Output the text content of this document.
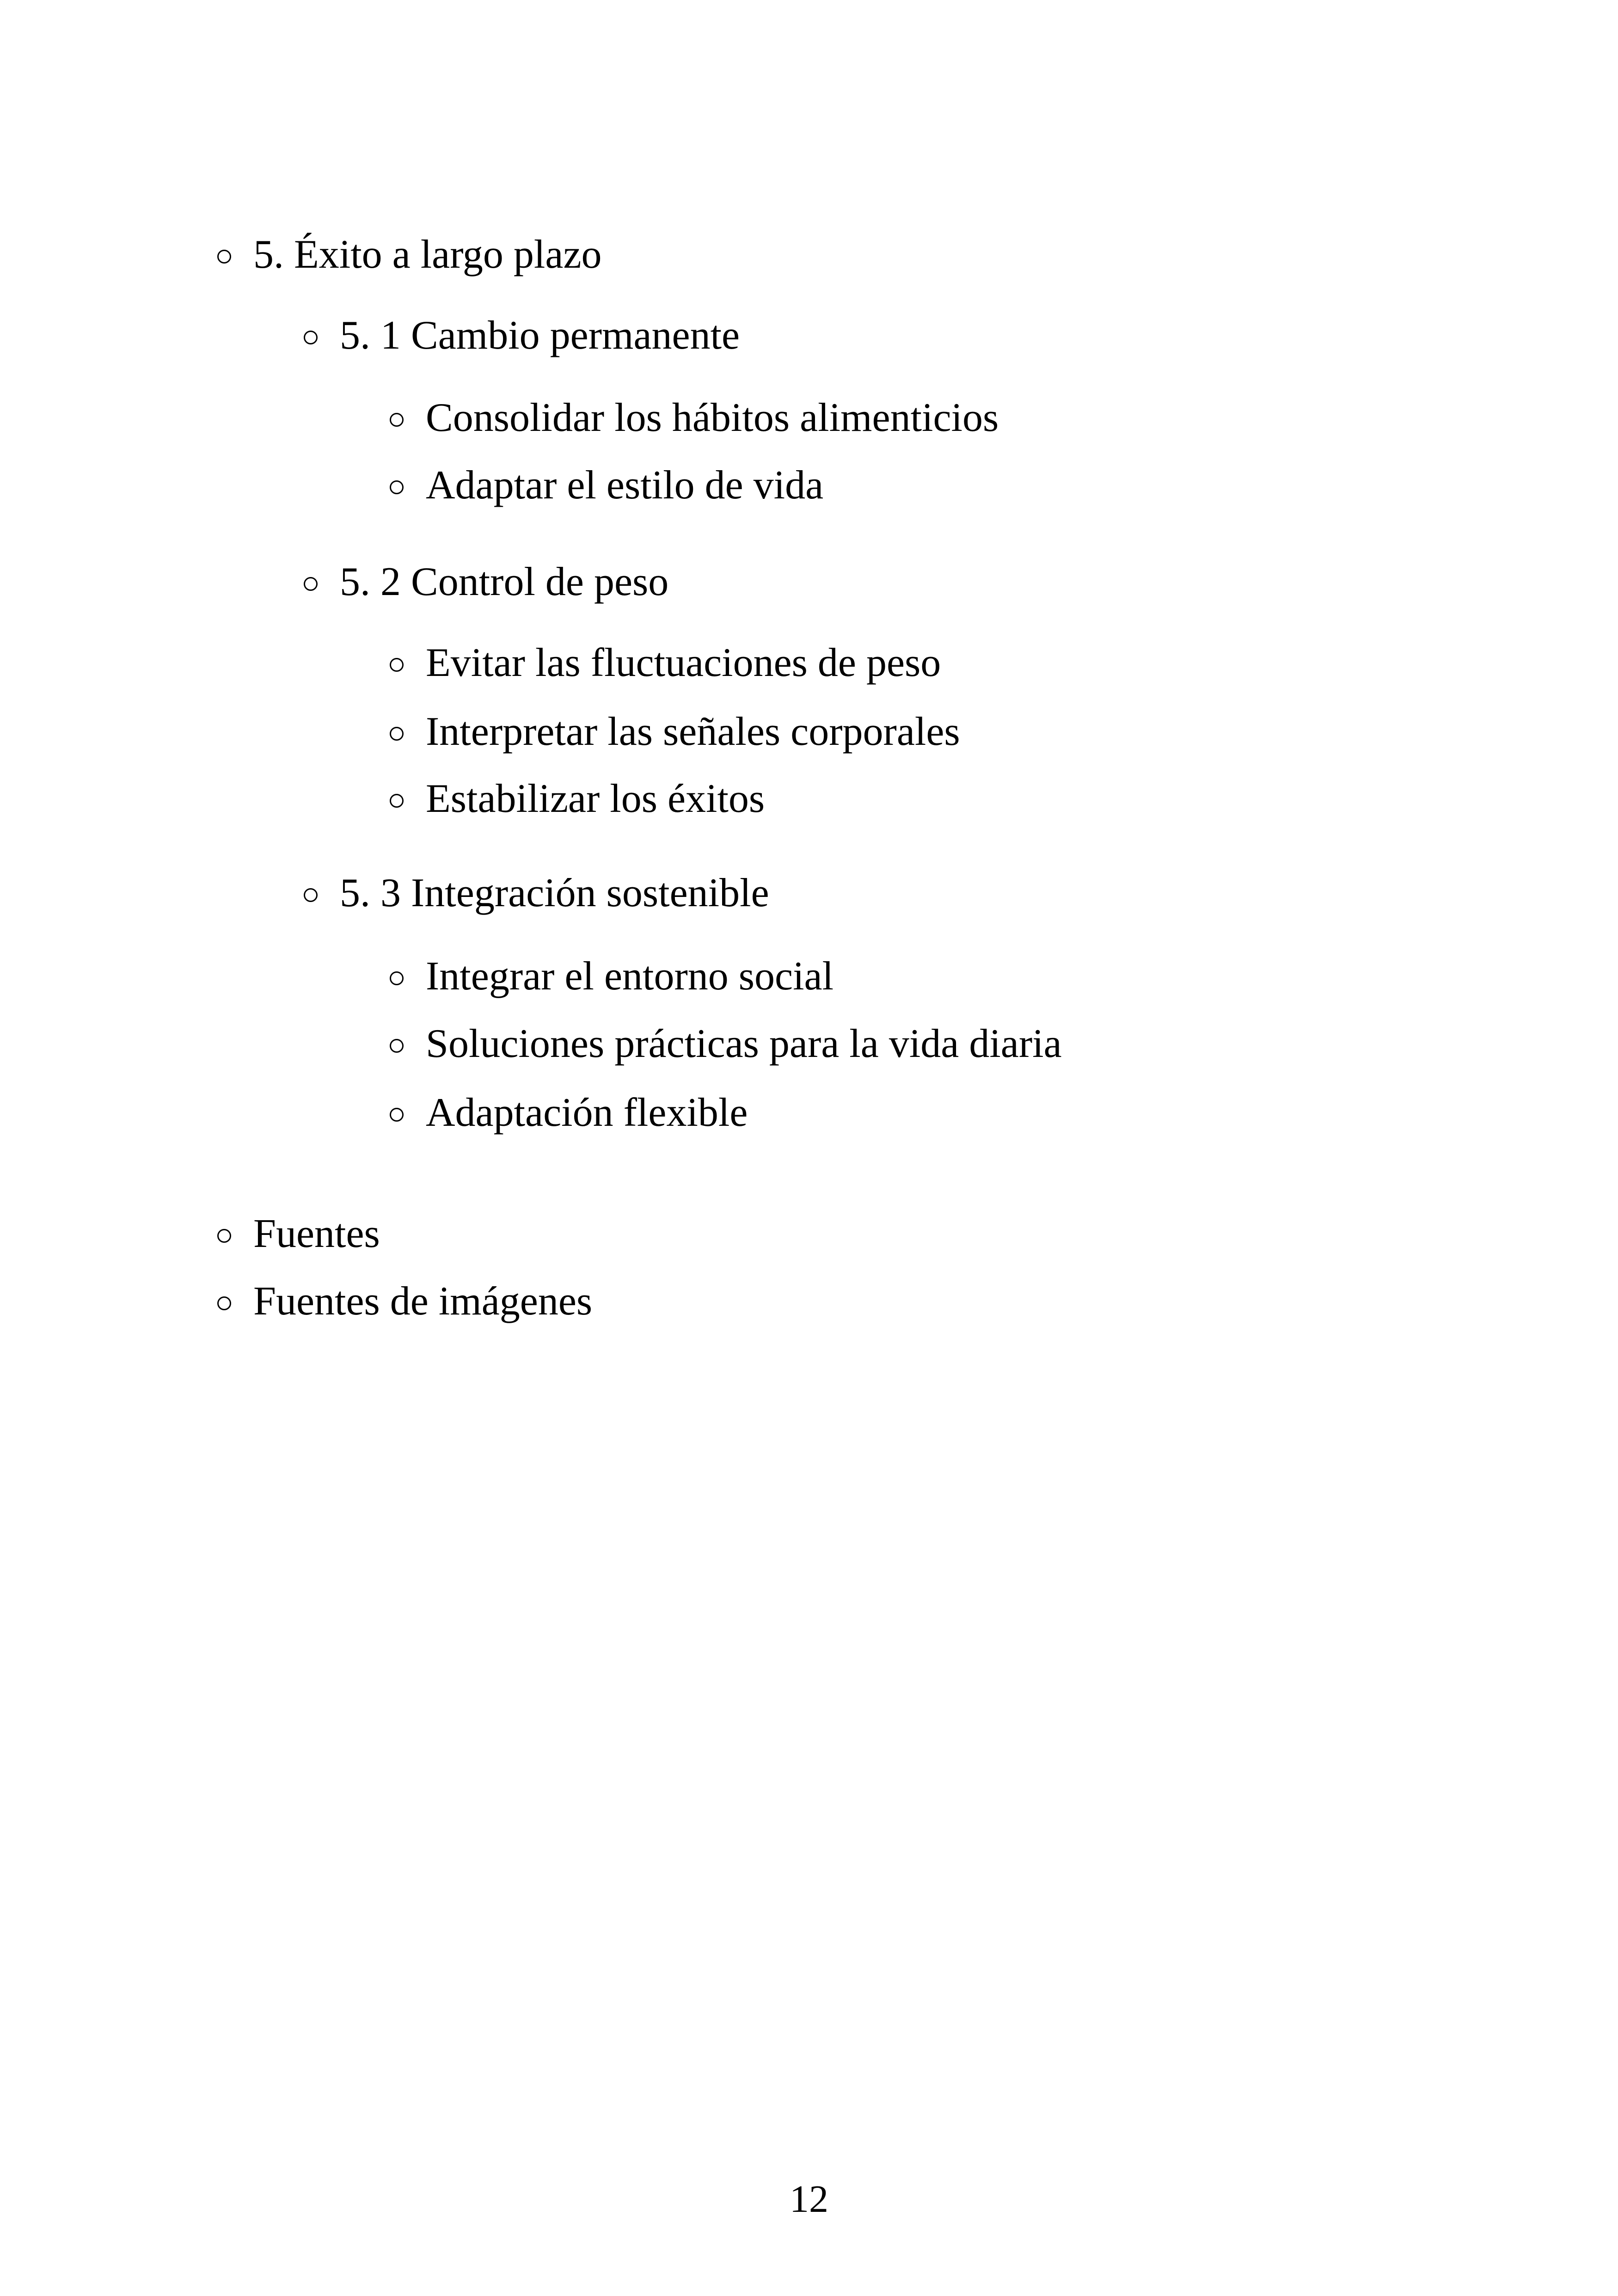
5. Éxito a largo plazo
5. 1 Cambio permanente
Consolidar los hábitos alimenticios
Adaptar el estilo de vida
5. 2 Control de peso
Evitar las fluctuaciones de peso
Interpretar las señales corporales
Estabilizar los éxitos
5. 3 Integración sostenible
Integrar el entorno social
Soluciones prácticas para la vida diaria
Adaptación flexible
Fuentes
Fuentes de imágenes
12
